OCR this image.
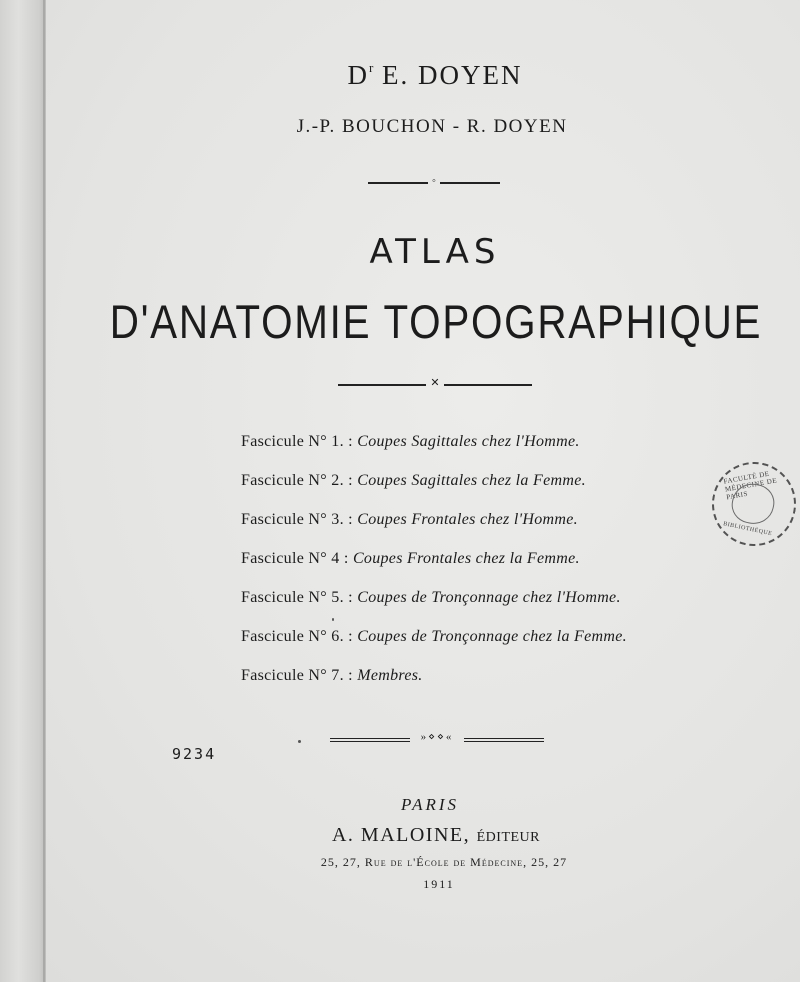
$D^r$ E. DOYEN
J.-P. BOUCHON - R. DOYEN
◦
ATLAS
D'ANATOMIE TOPOGRAPHIQUE
✕
Fascicule N° 1. : Coupes Sagittales chez l'Homme.
Fascicule N° 2. : Coupes Sagittales chez la Femme.
Fascicule N° 3. : Coupes Frontales chez l'Homme.
Fascicule N° 4 : Coupes Frontales chez la Femme.
Fascicule N° 5. : Coupes de Tronçonnage chez l'Homme.
Fascicule N° 6. : Coupes de Tronçonnage chez la Femme.
Fascicule N° 7. : Membres.
9234
»⋄⋄«
PARIS
A. MALOINE, ÉDITEUR
25, 27, Rue de l'École de Médecine, 25, 27
1911
FACULTÉ DE MÉDECINE DE PARIS
BIBLIOTHÈQUE
